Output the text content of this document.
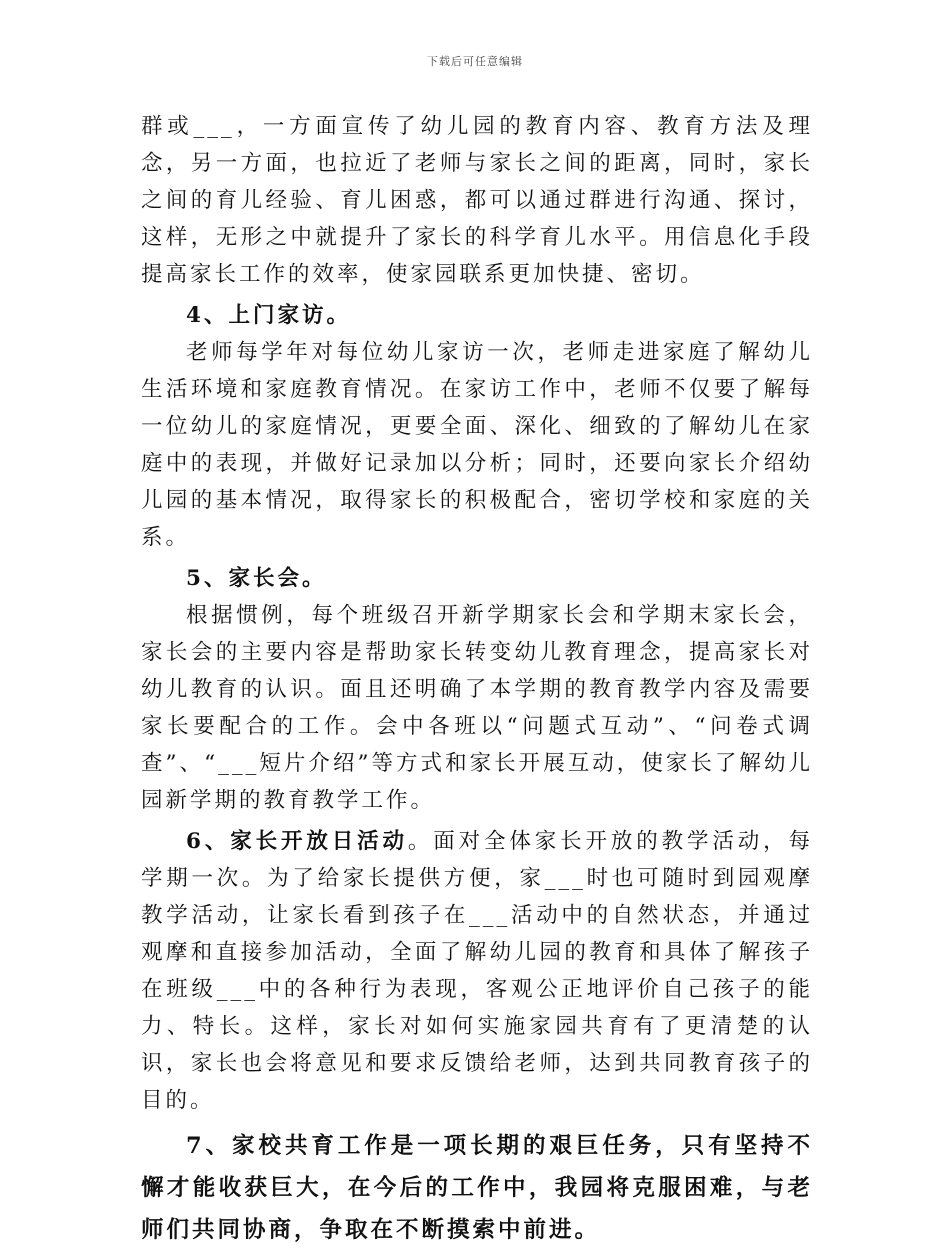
下载后可任意编辑

群或___，一方面宣传了幼儿园的教育内容、教育方法及理念，另一方面，也拉近了老师与家长之间的距离，同时，家长之间的育儿经验、育儿困惑，都可以通过群进行沟通、探讨，这样，无形之中就提升了家长的科学育儿水平。用信息化手段提高家长工作的效率，使家园联系更加快捷、密切。

4、上门家访。

老师每学年对每位幼儿家访一次，老师走进家庭了解幼儿生活环境和家庭教育情况。在家访工作中，老师不仅要了解每一位幼儿的家庭情况，更要全面、深化、细致的了解幼儿在家庭中的表现，并做好记录加以分析；同时，还要向家长介绍幼儿园的基本情况，取得家长的积极配合，密切学校和家庭的关系。

5、家长会。

根据惯例，每个班级召开新学期家长会和学期末家长会，家长会的主要内容是帮助家长转变幼儿教育理念，提高家长对幼儿教育的认识。面且还明确了本学期的教育教学内容及需要家长要配合的工作。会中各班以“问题式互动”、“问卷式调查”、“___短片介绍”等方式和家长开展互动，使家长了解幼儿园新学期的教育教学工作。

6、家长开放日活动。面对全体家长开放的教学活动，每学期一次。为了给家长提供方便，家___时也可随时到园观摩教学活动，让家长看到孩子在___活动中的自然状态，并通过观摩和直接参加活动，全面了解幼儿园的教育和具体了解孩子在班级___中的各种行为表现，客观公正地评价自己孩子的能力、特长。这样，家长对如何实施家园共育有了更清楚的认识，家长也会将意见和要求反馈给老师，达到共同教育孩子的目的。

7、家校共育工作是一项长期的艰巨任务，只有坚持不懈才能收获巨大，在今后的工作中，我园将克服困难，与老师们共同协商，争取在不断摸索中前进。
